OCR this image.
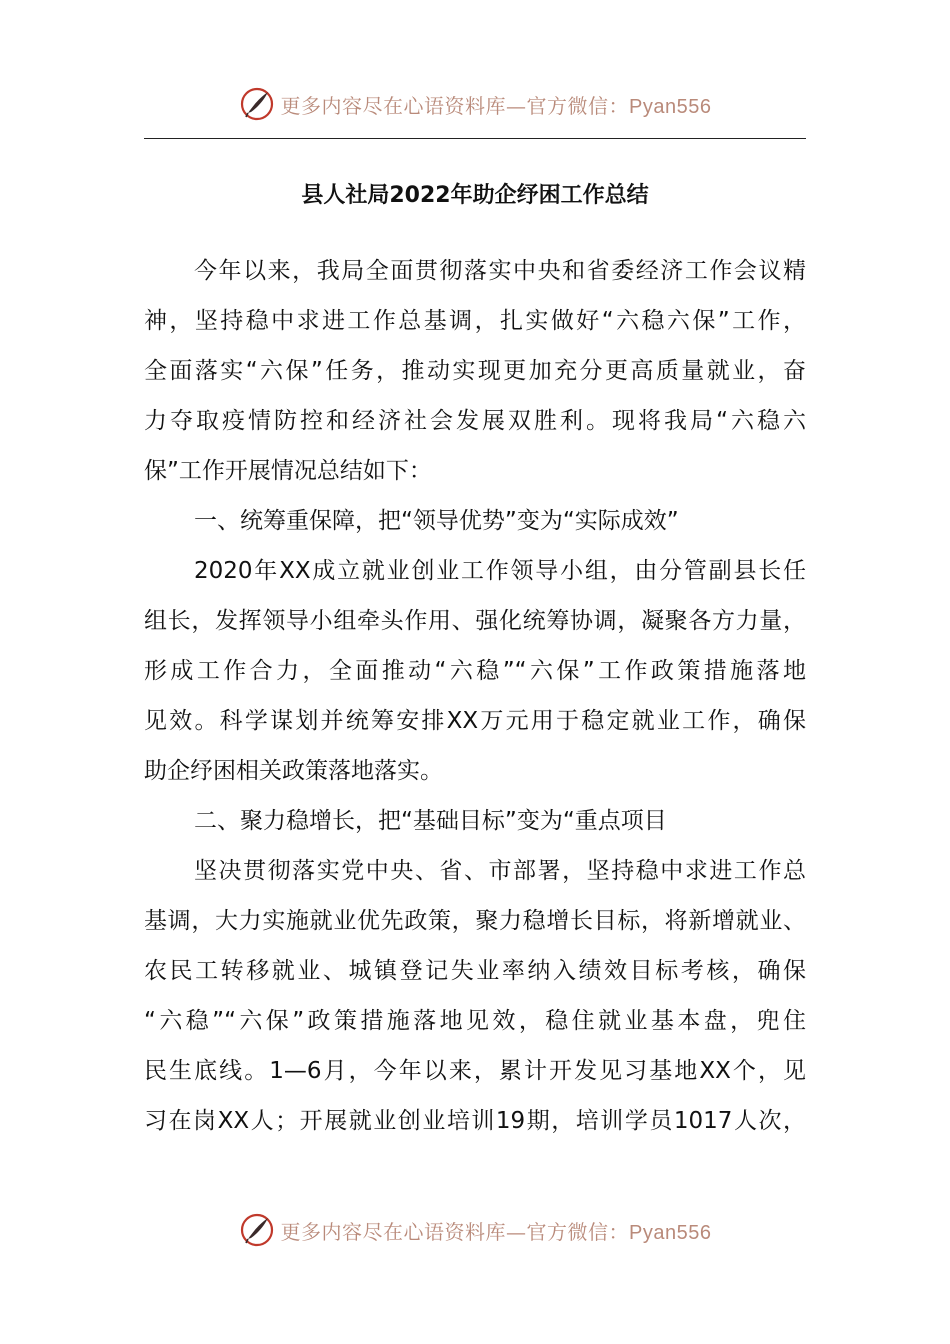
更多内容尽在心语资料库—官方微信：Pyan556
县人社局2022年助企纾困工作总结
今年以来，我局全面贯彻落实中央和省委经济工作会议精
神，坚持稳中求进工作总基调，扎实做好“六稳六保”工作，
全面落实“六保”任务，推动实现更加充分更高质量就业，奋
力夺取疫情防控和经济社会发展双胜利。现将我局“六稳六
保”工作开展情况总结如下：
一、统筹重保障，把“领导优势”变为“实际成效”
2020年XX成立就业创业工作领导小组，由分管副县长任
组长，发挥领导小组牵头作用、强化统筹协调，凝聚各方力量，
形成工作合力，全面推动“六稳”“六保”工作政策措施落地
见效。科学谋划并统筹安排XX万元用于稳定就业工作，确保
助企纾困相关政策落地落实。
二、聚力稳增长，把“基础目标”变为“重点项目
坚决贯彻落实党中央、省、市部署，坚持稳中求进工作总
基调，大力实施就业优先政策，聚力稳增长目标，将新增就业、
农民工转移就业、城镇登记失业率纳入绩效目标考核，确保
“六稳”“六保”政策措施落地见效，稳住就业基本盘，兜住
民生底线。1—6月，今年以来，累计开发见习基地XX个，见
习在岗XX人；开展就业创业培训19期，培训学员1017人次，
更多内容尽在心语资料库—官方微信：Pyan556
